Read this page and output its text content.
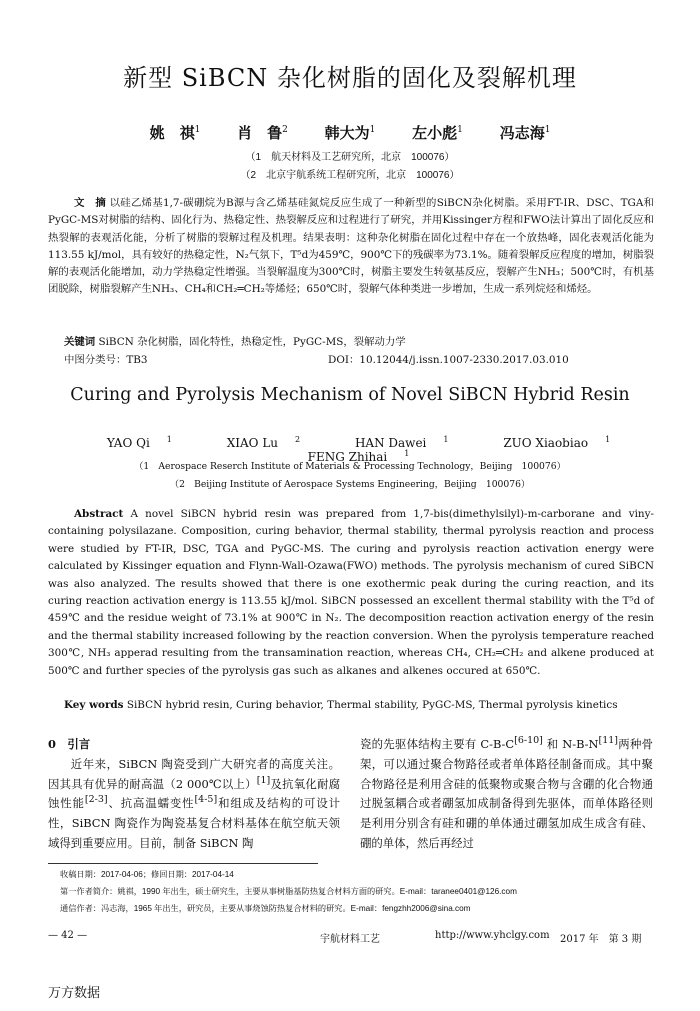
新型 SiBCN 杂化树脂的固化及裂解机理
姚　祺$^1$ 肖　鲁$^2$ 韩大为$^1$ 左小彪$^1$ 冯志海$^1$
（1　航天材料及工艺研究所，北京　100076）
（2　北京宇航系统工程研究所，北京　100076）
文　摘 以硅乙烯基1,7-碳硼烷为B源与含乙烯基硅氮烷反应生成了一种新型的SiBCN杂化树脂。采用FT-IR、DSC、TGA和PyGC-MS对树脂的结构、固化行为、热稳定性、热裂解反应和过程进行了研究，并用Kissinger方程和FWO法计算出了固化反应和热裂解的表观活化能，分析了树脂的裂解过程及机理。结果表明：这种杂化树脂在固化过程中存在一个放热峰，固化表观活化能为113.55 kJ/mol，具有较好的热稳定性，N₂气氛下，T⁵d为459℃，900℃下的残碳率为73.1%。随着裂解反应程度的增加，树脂裂解的表观活化能增加，动力学热稳定性增强。当裂解温度为300℃时，树脂主要发生转氨基反应，裂解产生NH₃；500℃时，有机基团脱除，树脂裂解产生NH₃、CH₄和CH₂═CH₂等烯烃；650℃时，裂解气体种类进一步增加，生成一系列烷烃和烯烃。
关键词 SiBCN 杂化树脂，固化特性，热稳定性，PyGC-MS，裂解动力学
中图分类号：TB3	DOI：10.12044/j.issn.1007-2330.2017.03.010
Curing and Pyrolysis Mechanism of Novel SiBCN Hybrid Resin
YAO Qi $^1$	XIAO Lu $^2$	HAN Dawei $^1$	ZUO Xiaobiao $^1$ FENG Zhihai $^1$
（1　Aerospace Reserch Institute of Materials & Processing Technology，Beijing　100076）
（2　Beijing Institute of Aerospace Systems Engineering，Beijing　100076）
Abstract A novel SiBCN hybrid resin was prepared from 1,7-bis(dimethylsilyl)-m-carborane and viny-containing polysilazane. Composition, curing behavior, thermal stability, thermal pyrolysis reaction and process were studied by FT-IR, DSC, TGA and PyGC-MS. The curing and pyrolysis reaction activation energy were calculated by Kissinger equation and Flynn-Wall-Ozawa(FWO) methods. The pyrolysis mechanism of cured SiBCN was also analyzed. The results showed that there is one exothermic peak during the curing reaction, and its curing reaction activation energy is 113.55 kJ/mol. SiBCN possessed an excellent thermal stability with the T⁵d of 459℃ and the residue weight of 73.1% at 900℃ in N₂. The decomposition reaction activation energy of the resin and the thermal stability increased following by the reaction conversion. When the pyrolysis temperature reached 300℃, NH₃ apperad resulting from the transamination reaction, whereas CH₄, CH₂═CH₂ and alkene produced at 500℃ and further species of the pyrolysis gas such as alkanes and alkenes occured at 650℃.
Key words SiBCN hybrid resin, Curing behavior, Thermal stability, PyGC-MS, Thermal pyrolysis kinetics
0　引言
近年来，SiBCN 陶瓷受到广大研究者的高度关注。因其具有优异的耐高温（2 000℃以上）[1]及抗氧化耐腐蚀性能[2-3]、抗高温蠕变性[4-5]和组成及结构的可设计性，SiBCN 陶瓷作为陶瓷基复合材料基体在航空航天领域得到重要应用。目前，制备 SiBCN 陶
瓷的先驱体结构主要有 C-B-C[6-10] 和 N-B-N[11]两种骨架，可以通过聚合物路径或者单体路径制备而成。其中聚合物路径是利用含硅的低聚物或聚合物与含硼的化合物通过脱氢耦合或者硼氢加成制备得到先驱体，而单体路径则是利用分别含有硅和硼的单体通过硼氢加成生成含有硅、硼的单体，然后再经过
收稿日期：2017-04-06；修回日期：2017-04-14
第一作者简介：姚祺，1990 年出生，硕士研究生，主要从事树脂基防热复合材料方面的研究。E-mail：taranee0401@126.com
通信作者：冯志海，1965 年出生，研究员，主要从事烧蚀防热复合材料的研究。E-mail：fengzhh2006@sina.com
— 42 —	宇航材料工艺	http://www.yhclgy.com 2017 年　第 3 期
万方数据
